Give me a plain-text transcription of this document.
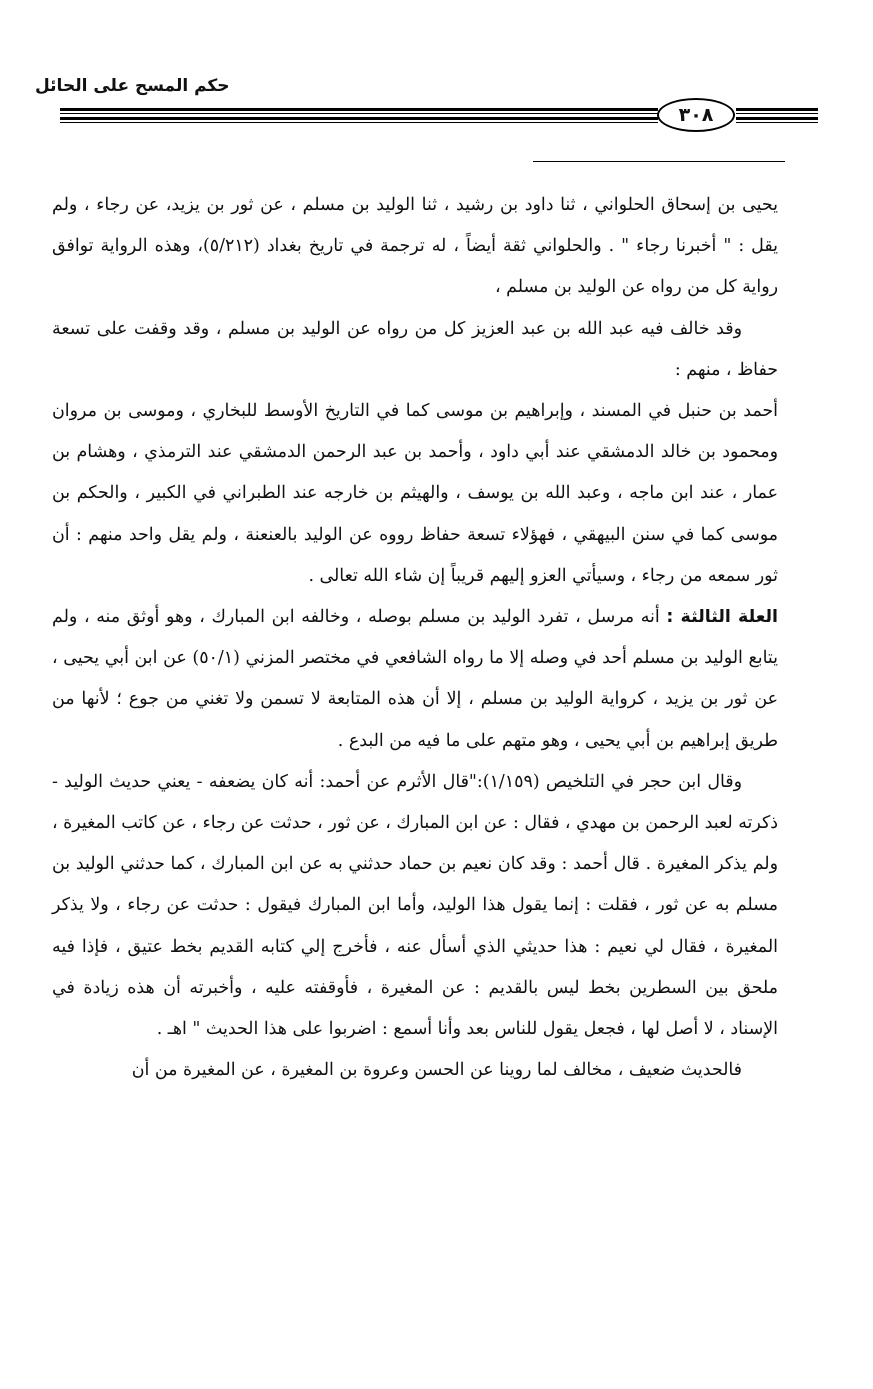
حكم المسح على الحائل
٣٠٨

يحيى بن إسحاق الحلواني ، ثنا داود بن رشيد ، ثنا الوليد بن مسلم ، عن ثور بن يزيد، عن رجاء ، ولم يقل : " أخبرنا رجاء " . والحلواني ثقة أيضاً ، له ترجمة في تاريخ بغداد (٥/٢١٢)، وهذه الرواية توافق رواية كل من رواه عن الوليد بن مسلم ،

وقد خالف فيه عبد الله بن عبد العزيز كل من رواه عن الوليد بن مسلم ، وقد وقفت على تسعة حفاظ ، منهم :

أحمد بن حنبل في المسند ، وإبراهيم بن موسى كما في التاريخ الأوسط للبخاري ، وموسى بن مروان ومحمود بن خالد الدمشقي عند أبي داود ، وأحمد بن عبد الرحمن الدمشقي عند الترمذي ، وهشام بن عمار ، عند ابن ماجه ، وعبد الله بن يوسف ، والهيثم بن خارجه عند الطبراني في الكبير ، والحكم بن موسى كما في سنن البيهقي ، فهؤلاء تسعة حفاظ رووه عن الوليد بالعنعنة ، ولم يقل واحد منهم : أن ثور سمعه من رجاء ، وسيأتي العزو إليهم قريباً إن شاء الله تعالى .

العلة الثالثة : أنه مرسل ، تفرد الوليد بن مسلم بوصله ، وخالفه ابن المبارك ، وهو أوثق منه ، ولم يتابع الوليد بن مسلم أحد في وصله إلا ما رواه الشافعي في مختصر المزني (٥٠/١) عن ابن أبي يحيى ، عن ثور بن يزيد ، كرواية الوليد بن مسلم ، إلا أن هذه المتابعة لا تسمن ولا تغني من جوع ؛ لأنها من طريق إبراهيم بن أبي يحيى ، وهو متهم على ما فيه من البدع .

وقال ابن حجر في التلخيص (١/١٥٩):"قال الأثرم عن أحمد: أنه كان يضعفه - يعني حديث الوليد - ذكرته لعبد الرحمن بن مهدي ، فقال : عن ابن المبارك ، عن ثور ، حدثت عن رجاء ، عن كاتب المغيرة ، ولم يذكر المغيرة . قال أحمد : وقد كان نعيم بن حماد حدثني به عن ابن المبارك ، كما حدثني الوليد بن مسلم به عن ثور ، فقلت : إنما يقول هذا الوليد، وأما ابن المبارك فيقول : حدثت عن رجاء ، ولا يذكر المغيرة ، فقال لي نعيم : هذا حديثي الذي أسأل عنه ، فأخرج إلي كتابه القديم بخط عتيق ، فإذا فيه ملحق بين السطرين بخط ليس بالقديم : عن المغيرة ، فأوقفته عليه ، وأخبرته أن هذه زيادة في الإسناد ، لا أصل لها ، فجعل يقول للناس بعد وأنا أسمع : اضربوا على هذا الحديث " اهـ .

فالحديث ضعيف ، مخالف لما روينا عن الحسن وعروة بن المغيرة ، عن المغيرة من أن
